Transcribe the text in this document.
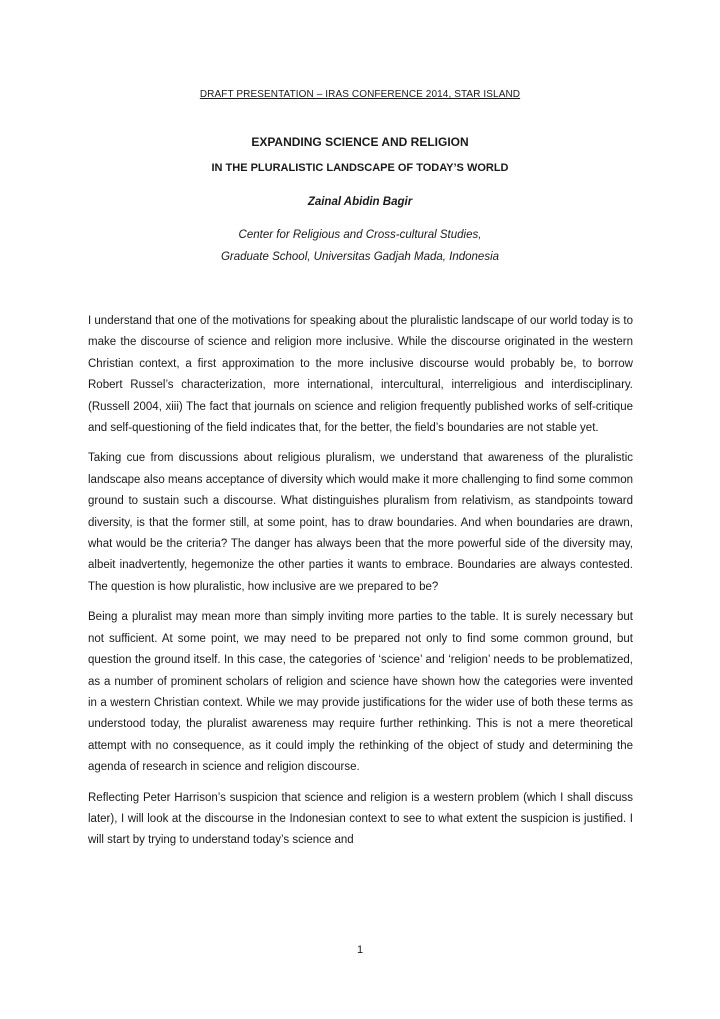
DRAFT PRESENTATION – IRAS CONFERENCE 2014, STAR ISLAND
EXPANDING SCIENCE AND RELIGION
IN THE PLURALISTIC LANDSCAPE OF TODAY’S WORLD
Zainal Abidin Bagir
Center for Religious and Cross-cultural Studies,
Graduate School, Universitas Gadjah Mada, Indonesia

I understand that one of the motivations for speaking about the pluralistic landscape of our world today is to make the discourse of science and religion more inclusive. While the discourse originated in the western Christian context, a first approximation to the more inclusive discourse would probably be, to borrow Robert Russel’s characterization, more international, intercultural, interreligious and interdisciplinary. (Russell 2004, xiii) The fact that journals on science and religion frequently published works of self-critique and self-questioning of the field indicates that, for the better, the field’s boundaries are not stable yet.

Taking cue from discussions about religious pluralism, we understand that awareness of the pluralistic landscape also means acceptance of diversity which would make it more challenging to find some common ground to sustain such a discourse. What distinguishes pluralism from relativism, as standpoints toward diversity, is that the former still, at some point, has to draw boundaries. And when boundaries are drawn, what would be the criteria? The danger has always been that the more powerful side of the diversity may, albeit inadvertently, hegemonize the other parties it wants to embrace. Boundaries are always contested. The question is how pluralistic, how inclusive are we prepared to be?

Being a pluralist may mean more than simply inviting more parties to the table. It is surely necessary but not sufficient. At some point, we may need to be prepared not only to find some common ground, but question the ground itself. In this case, the categories of ‘science’ and ‘religion’ needs to be problematized, as a number of prominent scholars of religion and science have shown how the categories were invented in a western Christian context. While we may provide justifications for the wider use of both these terms as understood today, the pluralist awareness may require further rethinking. This is not a mere theoretical attempt with no consequence, as it could imply the rethinking of the object of study and determining the agenda of research in science and religion discourse.

Reflecting Peter Harrison’s suspicion that science and religion is a western problem (which I shall discuss later), I will look at the discourse in the Indonesian context to see to what extent the suspicion is justified. I will start by trying to understand today’s science and

1
